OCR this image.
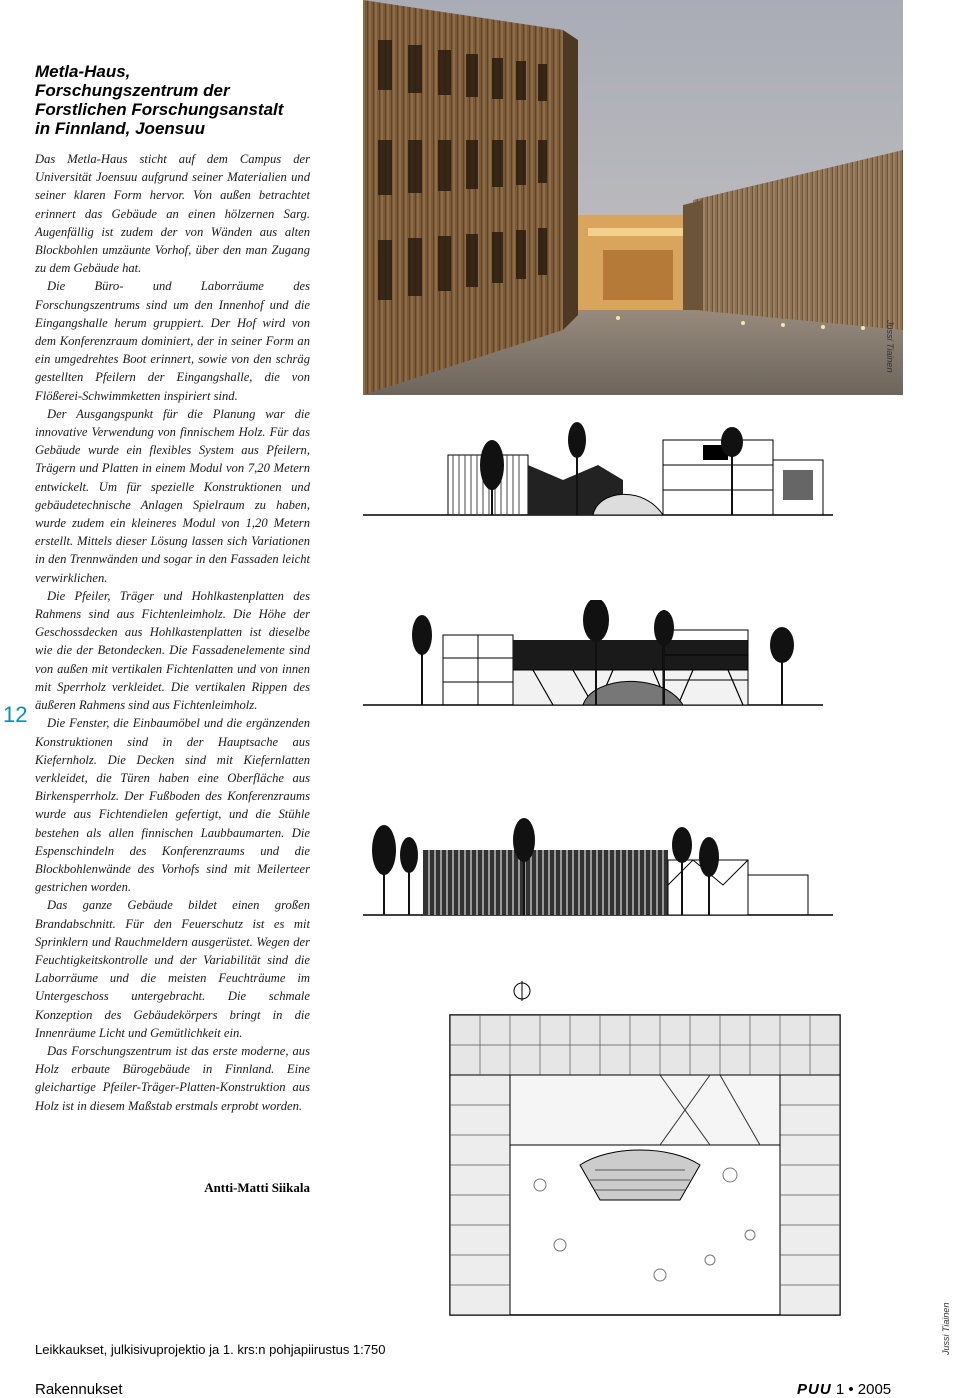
Metla-Haus,
Forschungszentrum der
Forstlichen Forschungsanstalt
in Finnland, Joensuu

Das Metla-Haus sticht auf dem Campus der Universität Joensuu aufgrund seiner Materialien und seiner klaren Form hervor. Von außen betrachtet erinnert das Gebäude an einen hölzernen Sarg. Augenfällig ist zudem der von Wänden aus alten Blockbohlen umzäunte Vorhof, über den man Zugang zu dem Gebäude hat.

Die Büro- und Laborräume des Forschungszentrums sind um den Innenhof und die Eingangshalle herum gruppiert. Der Hof wird von dem Konferenzraum dominiert, der in seiner Form an ein umgedrehtes Boot erinnert, sowie von den schräg gestellten Pfeilern der Eingangshalle, die von Flößerei-Schwimmketten inspiriert sind.

Der Ausgangspunkt für die Planung war die innovative Verwendung von finnischem Holz. Für das Gebäude wurde ein flexibles System aus Pfeilern, Trägern und Platten in einem Modul von 7,20 Metern entwickelt. Um für spezielle Konstruktionen und gebäudetechnische Anlagen Spielraum zu haben, wurde zudem ein kleineres Modul von 1,20 Metern erstellt. Mittels dieser Lösung lassen sich Variationen in den Trennwänden und sogar in den Fassaden leicht verwirklichen.

Die Pfeiler, Träger und Hohlkastenplatten des Rahmens sind aus Fichtenleimholz. Die Höhe der Geschossdecken aus Hohlkastenplatten ist dieselbe wie die der Betondecken. Die Fassadenelemente sind von außen mit vertikalen Fichtenlatten und von innen mit Sperrholz verkleidet. Die vertikalen Rippen des äußeren Rahmens sind aus Fichtenleimholz.

Die Fenster, die Einbaumöbel und die ergänzenden Konstruktionen sind in der Hauptsache aus Kiefernholz. Die Decken sind mit Kiefernlatten verkleidet, die Türen haben eine Oberfläche aus Birkensperrholz. Der Fußboden des Konferenzraums wurde aus Fichtendielen gefertigt, und die Stühle bestehen als allen finnischen Laubbaumarten. Die Espenschindeln des Konferenzraums und die Blockbohlenwände des Vorhofs sind mit Meilerteer gestrichen worden.

Das ganze Gebäude bildet einen großen Brandabschnitt. Für den Feuerschutz ist es mit Sprinklern und Rauchmeldern ausgerüstet. Wegen der Feuchtigkeitskontrolle und der Variabilität sind die Laborräume und die meisten Feuchträume im Untergeschoss untergebracht. Die schmale Konzeption des Gebäudekörpers bringt in die Innenräume Licht und Gemütlichkeit ein.

Das Forschungszentrum ist das erste moderne, aus Holz erbaute Bürogebäude in Finnland. Eine gleichartige Pfeiler-Träger-Platten-Konstruktion aus Holz ist in diesem Maßstab erstmals erprobt worden.

Antti-Matti Siikala
12
Jussi Tiainen
Jussi Tiainen
Leikkaukset, julkisivuprojektio ja 1. krs:n pohjapiirustus 1:750
Rakennukset	PUU 1 • 2005
